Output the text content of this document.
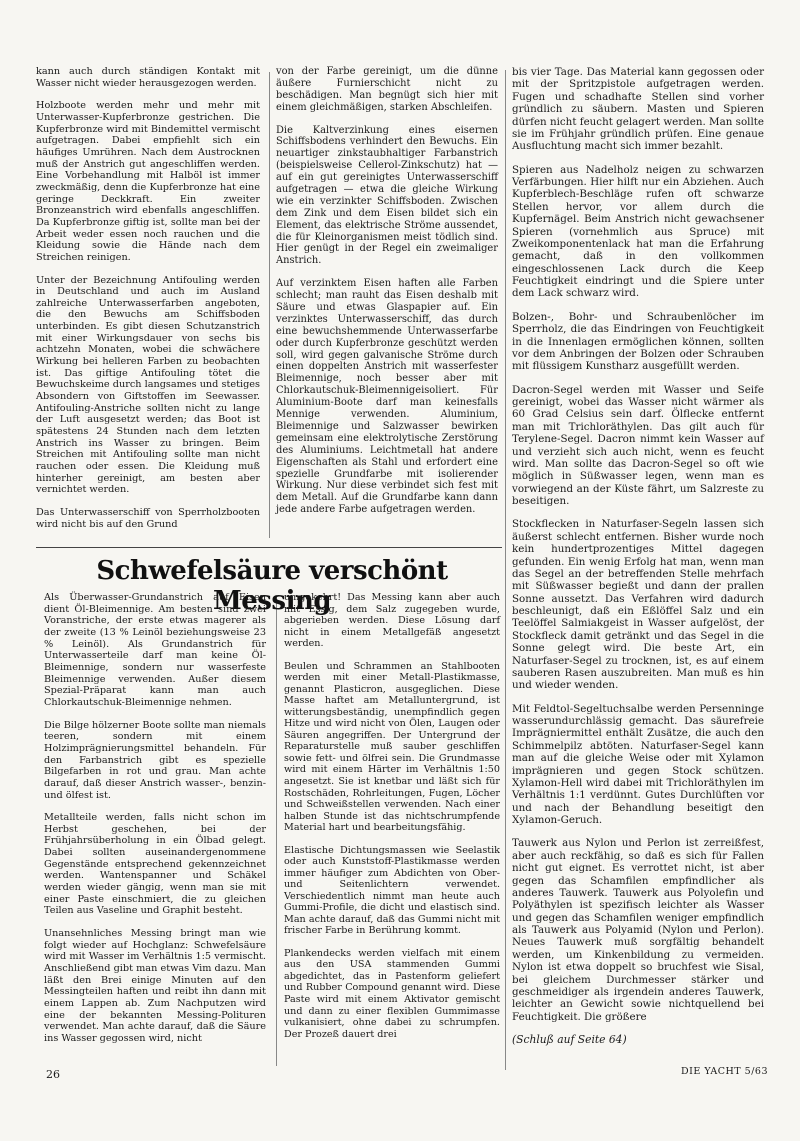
kann auch durch ständigen Kontakt mit Wasser nicht wieder herausgezogen werden.

Holzboote werden mehr und mehr mit Unterwasser-Kupferbronze gestrichen. Die Kupferbronze wird mit Bindemittel vermischt aufgetragen. Dabei empfiehlt sich ein häufiges Umrühren. Nach dem Austrocknen muß der Anstrich gut angeschliffen werden. Eine Vorbehandlung mit Halböl ist immer zweckmäßig, denn die Kupferbronze hat eine geringe Deckkraft. Ein zweiter Bronzeanstrich wird ebenfalls angeschliffen. Da Kupferbronze giftig ist, sollte man bei der Arbeit weder essen noch rauchen und die Kleidung sowie die Hände nach dem Streichen reinigen.

Unter der Bezeichnung Antifouling werden in Deutschland und auch im Ausland zahlreiche Unterwasserfarben angeboten, die den Bewuchs am Schiffsboden unterbinden. Es gibt diesen Schutzanstrich mit einer Wirkungsdauer von sechs bis achtzehn Monaten, wobei die schwächere Wirkung bei helleren Farben zu beobachten ist. Das giftige Antifouling tötet die Bewuchskeime durch langsames und stetiges Absondern von Giftstoffen im Seewasser. Antifouling-Anstriche sollten nicht zu lange der Luft ausgesetzt werden; das Boot ist spätestens 24 Stunden nach dem letzten Anstrich ins Wasser zu bringen. Beim Streichen mit Antifouling sollte man nicht rauchen oder essen. Die Kleidung muß hinterher gereinigt, am besten aber vernichtet werden.

Das Unterwasserschiff von Sperrholzbooten wird nicht bis auf den Grund

von der Farbe gereinigt, um die dünne äußere Furnierschicht nicht zu beschädigen. Man begnügt sich hier mit einem gleichmäßigen, starken Abschleifen.

Die Kaltverzinkung eines eisernen Schiffsbodens verhindert den Bewuchs. Ein neuartiger zinkstaubhaltiger Farbanstrich (beispielsweise Cellerol-Zinkschutz) hat — auf ein gut gereinigtes Unterwasserschiff aufgetragen — etwa die gleiche Wirkung wie ein verzinkter Schiffsboden. Zwischen dem Zink und dem Eisen bildet sich ein Element, das elektrische Ströme aussendet, die für Kleinorganismen meist tödlich sind. Hier genügt in der Regel ein zweimaliger Anstrich.

Auf verzinktem Eisen haften alle Farben schlecht; man rauht das Eisen deshalb mit Säure und etwas Glaspapier auf. Ein verzinktes Unterwasserschiff, das durch eine bewuchshemmende Unterwasserfarbe oder durch Kupferbronze geschützt werden soll, wird gegen galvanische Ströme durch einen doppelten Anstrich mit wasserfester Bleimennige, noch besser aber mit Chlorkautschuk-Bleimennigeisoliert. Für Aluminium-Boote darf man keinesfalls Mennige verwenden. Aluminium, Bleimennige und Salzwasser bewirken gemeinsam eine elektrolytische Zerstörung des Aluminiums. Leichtmetall hat andere Eigenschaften als Stahl und erfordert eine spezielle Grundfarbe mit isolierender Wirkung. Nur diese verbindet sich fest mit dem Metall. Auf die Grundfarbe kann dann jede andere Farbe aufgetragen werden.

Schwefelsäure verschönt Messing

Als Überwasser-Grundanstrich auf Eisen dient Öl-Bleimennige. Am besten sind zwei Voranstriche, der erste etwas magerer als der zweite (13 % Leinöl beziehungsweise 23 % Leinöl). Als Grundanstrich für Unterwasserteile darf man keine Öl-Bleimennige, sondern nur wasserfeste Bleimennige verwenden. Außer diesem Spezial-Präparat kann man auch Chlorkautschuk-Bleimennige nehmen.

Die Bilge hölzerner Boote sollte man niemals teeren, sondern mit einem Holzimprägnierungsmittel behandeln. Für den Farbanstrich gibt es spezielle Bilgefarben in rot und grau. Man achte darauf, daß dieser Anstrich wasser-, benzin- und ölfest ist.

Metallteile werden, falls nicht schon im Herbst geschehen, bei der Frühjahrsüberholung in ein Ölbad gelegt. Dabei sollten auseinandergenommene Gegenstände entsprechend gekennzeichnet werden. Wantenspanner und Schäkel werden wieder gängig, wenn man sie mit einer Paste einschmiert, die zu gleichen Teilen aus Vaseline und Graphit besteht.

Unansehnliches Messing bringt man wie folgt wieder auf Hochglanz: Schwefelsäure wird mit Wasser im Verhältnis 1:5 vermischt. Anschließend gibt man etwas Vim dazu. Man läßt den Brei einige Minuten auf den Messingteilen haften und reibt ihn dann mit einem Lappen ab. Zum Nachputzen wird eine der bekannten Messing-Polituren verwendet. Man achte darauf, daß die Säure ins Wasser gegossen wird, nicht

umgekehrt! Das Messing kann aber auch mit Essig, dem Salz zugegeben wurde, abgerieben werden. Diese Lösung darf nicht in einem Metallgefäß angesetzt werden.

Beulen und Schrammen an Stahlbooten werden mit einer Metall-Plastikmasse, genannt Plasticron, ausgeglichen. Diese Masse haftet am Metalluntergrund, ist witterungsbeständig, unempfindlich gegen Hitze und wird nicht von Ölen, Laugen oder Säuren angegriffen. Der Untergrund der Reparaturstelle muß sauber geschliffen sowie fett- und ölfrei sein. Die Grundmasse wird mit einem Härter im Verhältnis 1:50 angesetzt. Sie ist knetbar und läßt sich für Rostschäden, Rohrleitungen, Fugen, Löcher und Schweißstellen verwenden. Nach einer halben Stunde ist das nichtschrumpfende Material hart und bearbeitungsfähig.

Elastische Dichtungsmassen wie Seelastik oder auch Kunststoff-Plastikmasse werden immer häufiger zum Abdichten von Ober- und Seitenlichtern verwendet. Verschiedentlich nimmt man heute auch Gummi-Profile, die dicht und elastisch sind. Man achte darauf, daß das Gummi nicht mit frischer Farbe in Berührung kommt.

Plankendecks werden vielfach mit einem aus den USA stammenden Gummi abgedichtet, das in Pastenform geliefert und Rubber Compound genannt wird. Diese Paste wird mit einem Aktivator gemischt und dann zu einer flexiblen Gummimasse vulkanisiert, ohne dabei zu schrumpfen. Der Prozeß dauert drei

bis vier Tage. Das Material kann gegossen oder mit der Spritzpistole aufgetragen werden. Fugen und schadhafte Stellen sind vorher gründlich zu säubern. Masten und Spieren dürfen nicht feucht gelagert werden. Man sollte sie im Frühjahr gründlich prüfen. Eine genaue Ausfluchtung macht sich immer bezahlt.

Spieren aus Nadelholz neigen zu schwarzen Verfärbungen. Hier hilft nur ein Abziehen. Auch Kupferblech-Beschläge rufen oft schwarze Stellen hervor, vor allem durch die Kupfernägel. Beim Anstrich nicht gewachsener Spieren (vornehmlich aus Spruce) mit Zweikomponentenlack hat man die Erfahrung gemacht, daß in den vollkommen eingeschlossenen Lack durch die Keep Feuchtigkeit eindringt und die Spiere unter dem Lack schwarz wird.

Bolzen-, Bohr- und Schraubenlöcher im Sperrholz, die das Eindringen von Feuchtigkeit in die Innenlagen ermöglichen können, sollten vor dem Anbringen der Bolzen oder Schrauben mit flüssigem Kunstharz ausgefüllt werden.

Dacron-Segel werden mit Wasser und Seife gereinigt, wobei das Wasser nicht wärmer als 60 Grad Celsius sein darf. Ölflecke entfernt man mit Trichloräthylen. Das gilt auch für Terylene-Segel. Dacron nimmt kein Wasser auf und verzieht sich auch nicht, wenn es feucht wird. Man sollte das Dacron-Segel so oft wie möglich in Süßwasser legen, wenn man es vorwiegend an der Küste fährt, um Salzreste zu beseitigen.

Stockflecken in Naturfaser-Segeln lassen sich äußerst schlecht entfernen. Bisher wurde noch kein hundertprozentiges Mittel dagegen gefunden. Ein wenig Erfolg hat man, wenn man das Segel an der betreffenden Stelle mehrfach mit Süßwasser begießt und dann der prallen Sonne aussetzt. Das Verfahren wird dadurch beschleunigt, daß ein Eßlöffel Salz und ein Teelöffel Salmiakgeist in Wasser aufgelöst, der Stockfleck damit getränkt und das Segel in die Sonne gelegt wird. Die beste Art, ein Naturfaser-Segel zu trocknen, ist, es auf einem sauberen Rasen auszubreiten. Man muß es hin und wieder wenden.

Mit Feldtol-Segeltuchsalbe werden Persenninge wasserundurchlässig gemacht. Das säurefreie Imprägniermittel enthält Zusätze, die auch den Schimmelpilz abtöten. Naturfaser-Segel kann man auf die gleiche Weise oder mit Xylamon imprägnieren und gegen Stock schützen. Xylamon-Hell wird dabei mit Trichloräthylen im Verhältnis 1:1 verdünnt. Gutes Durchlüften vor und nach der Behandlung beseitigt den Xylamon-Geruch.

Tauwerk aus Nylon und Perlon ist zerreißfest, aber auch reckfähig, so daß es sich für Fallen nicht gut eignet. Es verrottet nicht, ist aber gegen das Schamfilen empfindlicher als anderes Tauwerk. Tauwerk aus Polyolefin und Polyäthylen ist spezifisch leichter als Wasser und gegen das Schamfilen weniger empfindlich als Tauwerk aus Polyamid (Nylon und Perlon). Neues Tauwerk muß sorgfältig behandelt werden, um Kinkenbildung zu vermeiden. Nylon ist etwa doppelt so bruchfest wie Sisal, bei gleichem Durchmesser stärker und geschmeidiger als irgendein anderes Tauwerk, leichter an Gewicht sowie nichtquellend bei Feuchtigkeit. Die größere

(Schluß auf Seite 64)

26	DIE YACHT 5/63
